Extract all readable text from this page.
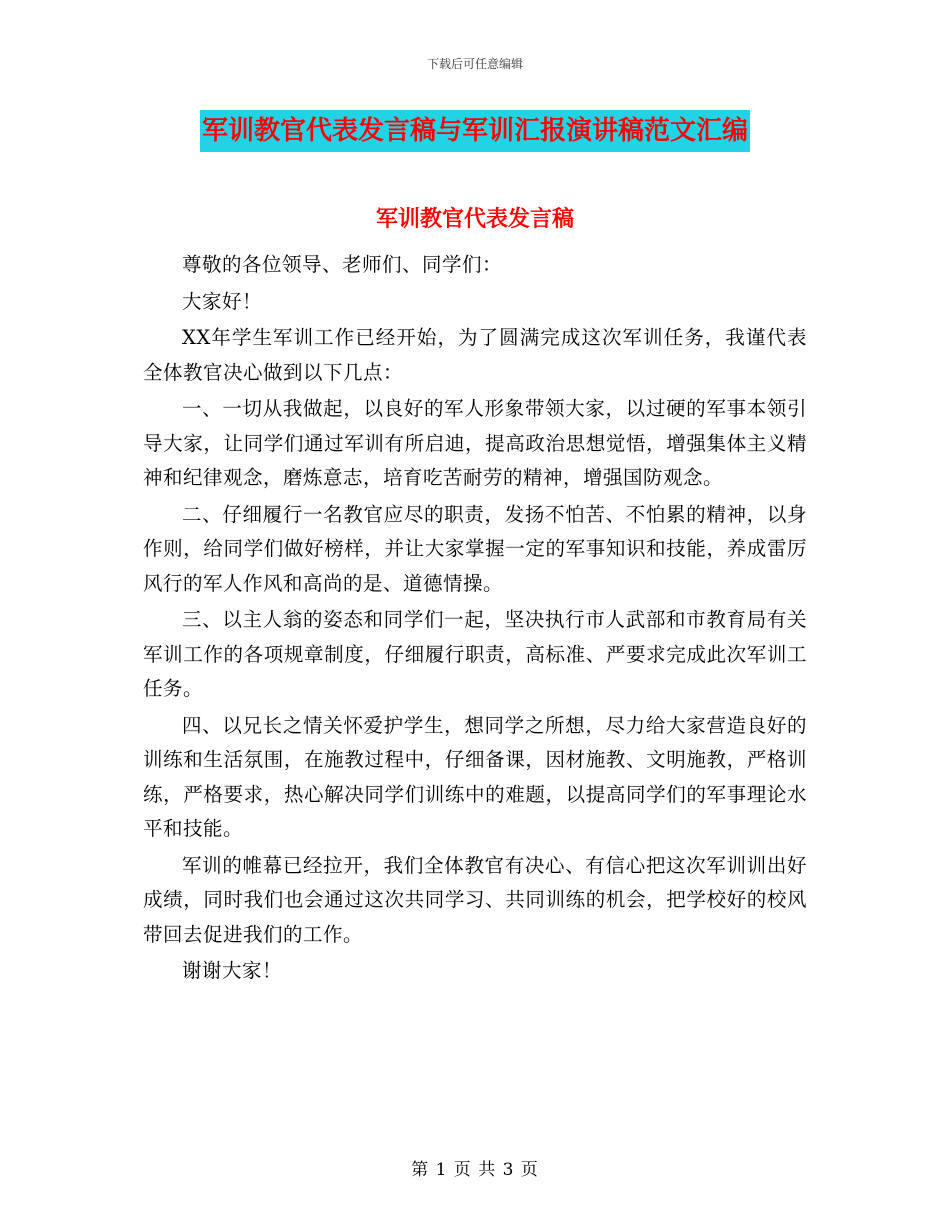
下载后可任意编辑
军训教官代表发言稿与军训汇报演讲稿范文汇编
军训教官代表发言稿

尊敬的各位领导、老师们、同学们：

大家好！

XX年学生军训工作已经开始，为了圆满完成这次军训任务，我谨代表全体教官决心做到以下几点：

一、一切从我做起，以良好的军人形象带领大家，以过硬的军事本领引导大家，让同学们通过军训有所启迪，提高政治思想觉悟，增强集体主义精神和纪律观念，磨炼意志，培育吃苦耐劳的精神，增强国防观念。

二、仔细履行一名教官应尽的职责，发扬不怕苦、不怕累的精神，以身作则，给同学们做好榜样，并让大家掌握一定的军事知识和技能，养成雷厉风行的军人作风和高尚的是、道德情操。

三、以主人翁的姿态和同学们一起，坚决执行市人武部和市教育局有关军训工作的各项规章制度，仔细履行职责，高标准、严要求完成此次军训工任务。

四、以兄长之情关怀爱护学生，想同学之所想，尽力给大家营造良好的训练和生活氛围，在施教过程中，仔细备课，因材施教、文明施教，严格训练，严格要求，热心解决同学们训练中的难题，以提高同学们的军事理论水平和技能。

军训的帷幕已经拉开，我们全体教官有决心、有信心把这次军训训出好成绩，同时我们也会通过这次共同学习、共同训练的机会，把学校好的校风带回去促进我们的工作。

谢谢大家！

第 1 页 共 3 页
